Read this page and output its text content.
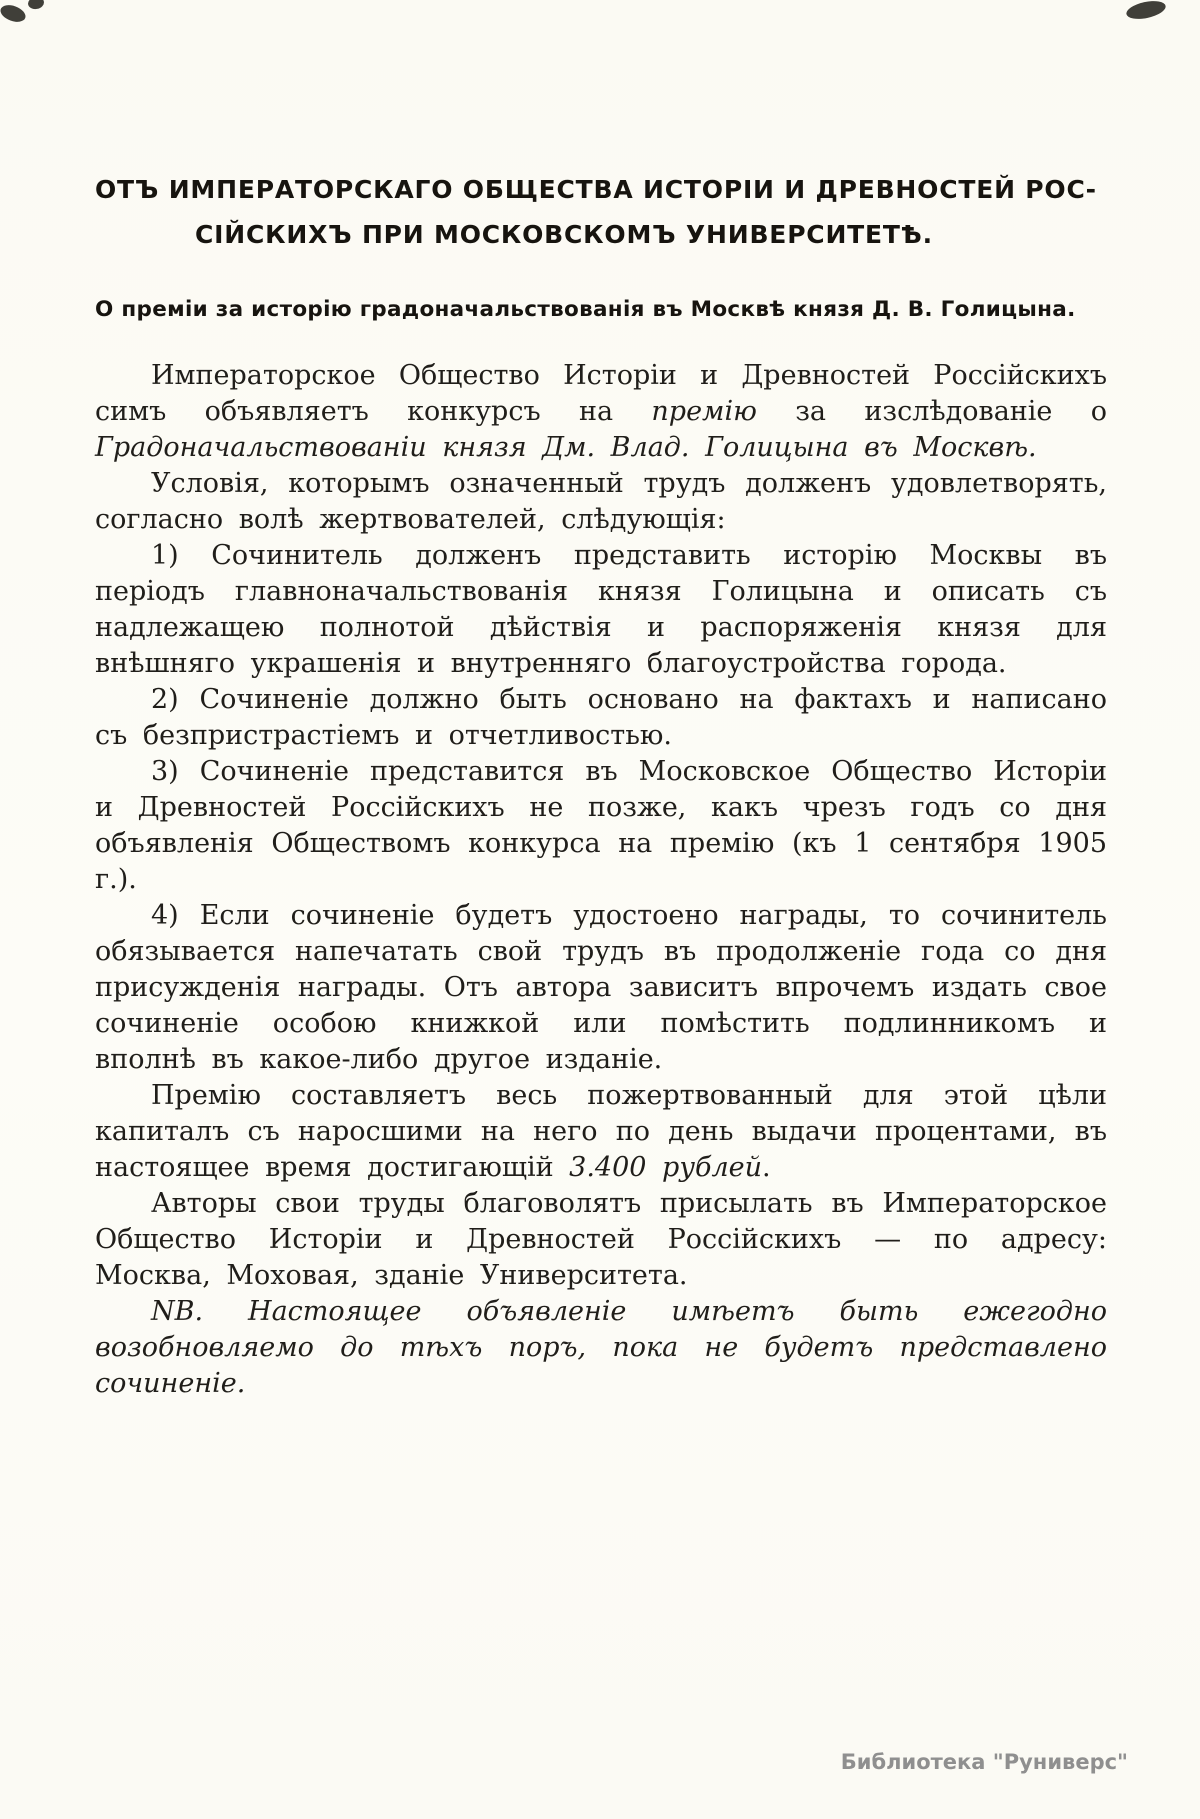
ОТЪ ИМПЕРАТОРСКАГО ОБЩЕСТВА ИСТОРІИ И ДРЕВНОСТЕЙ РОС-
СІЙСКИХЪ ПРИ МОСКОВСКОМЪ УНИВЕРСИТЕТѢ.
О преміи за исторію градоначальствованія въ Москвѣ князя Д. В. Голицына.

Императорское Общество Исторіи и Древностей Россійскихъ симъ объявляетъ конкурсъ на премію за изслѣдованіе о Градоначальствованіи князя Дм. Влад. Голицына въ Москвѣ.

Условія, которымъ означенный трудъ долженъ удовлетворять, согласно волѣ жертвователей, слѣдующія:

1) Сочинитель долженъ представить исторію Москвы въ періодъ главноначальствованія князя Голицына и описать съ надлежащею полнотой дѣйствія и распоряженія князя для внѣшняго украшенія и внутренняго благоустройства города.

2) Сочиненіе должно быть основано на фактахъ и написано съ безпристрастіемъ и отчетливостью.

3) Сочиненіе представится въ Московское Общество Исторіи и Древностей Россійскихъ не позже, какъ чрезъ годъ со дня объявленія Обществомъ конкурса на премію (къ 1 сентября 1905 г.).

4) Если сочиненіе будетъ удостоено награды, то сочинитель обязывается напечатать свой трудъ въ продолженіе года со дня присужденія награды. Отъ автора зависитъ впрочемъ издать свое сочиненіе особою книжкой или помѣстить подлинникомъ и вполнѣ въ какое-либо другое изданіе.

Премію составляетъ весь пожертвованный для этой цѣли капиталъ съ наросшими на него по день выдачи процентами, въ настоящее время достигающій 3.400 рублей.

Авторы свои труды благоволятъ присылать въ Императорское Общество Исторіи и Древностей Россійскихъ — по адресу: Москва, Моховая, зданіе Университета.

NB. Настоящее объявленіе имѣетъ быть ежегодно возобновляемо до тѣхъ поръ, пока не будетъ представлено сочиненіе.

Библиотека "Руниверс"
